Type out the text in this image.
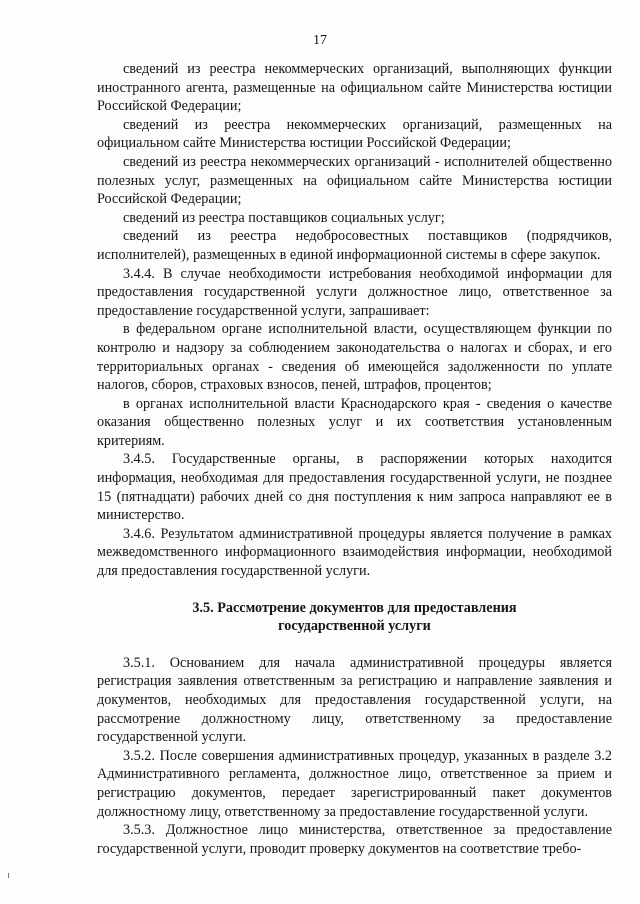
17

сведений из реестра некоммерческих организаций, выполняющих функции иностранного агента, размещенные на официальном сайте Министерства юстиции Российской Федерации;

сведений из реестра некоммерческих организаций, размещенных на официальном сайте Министерства юстиции Российской Федерации;

сведений из реестра некоммерческих организаций - исполнителей общественно полезных услуг, размещенных на официальном сайте Министерства юстиции Российской Федерации;

сведений из реестра поставщиков социальных услуг;

сведений из реестра недобросовестных поставщиков (подрядчиков, исполнителей), размещенных в единой информационной системы в сфере закупок.

3.4.4. В случае необходимости истребования необходимой информации для предоставления государственной услуги должностное лицо, ответственное за предоставление государственной услуги, запрашивает:

в федеральном органе исполнительной власти, осуществляющем функции по контролю и надзору за соблюдением законодательства о налогах и сборах, и его территориальных органах - сведения об имеющейся задолженности по уплате налогов, сборов, страховых взносов, пеней, штрафов, процентов;

в органах исполнительной власти Краснодарского края - сведения о качестве оказания общественно полезных услуг и их соответствия установленным критериям.

3.4.5. Государственные органы, в распоряжении которых находится информация, необходимая для предоставления государственной услуги, не позднее 15 (пятнадцати) рабочих дней со дня поступления к ним запроса направляют ее в министерство.

3.4.6. Результатом административной процедуры является получение в рамках межведомственного информационного взаимодействия информации, необходимой для предоставления государственной услуги.

3.5. Рассмотрение документов для предоставления

государственной услуги

3.5.1. Основанием для начала административной процедуры является регистрация заявления ответственным за регистрацию и направление заявления и документов, необходимых для предоставления государственной услуги, на рассмотрение должностному лицу, ответственному за предоставление государственной услуги.

3.5.2. После совершения административных процедур, указанных в разделе 3.2 Административного регламента, должностное лицо, ответственное за прием и регистрацию документов, передает зарегистрированный пакет документов должностному лицу, ответственному за предоставление государственной услуги.

3.5.3. Должностное лицо министерства, ответственное за предоставление государственной услуги, проводит проверку документов на соответствие требо-
